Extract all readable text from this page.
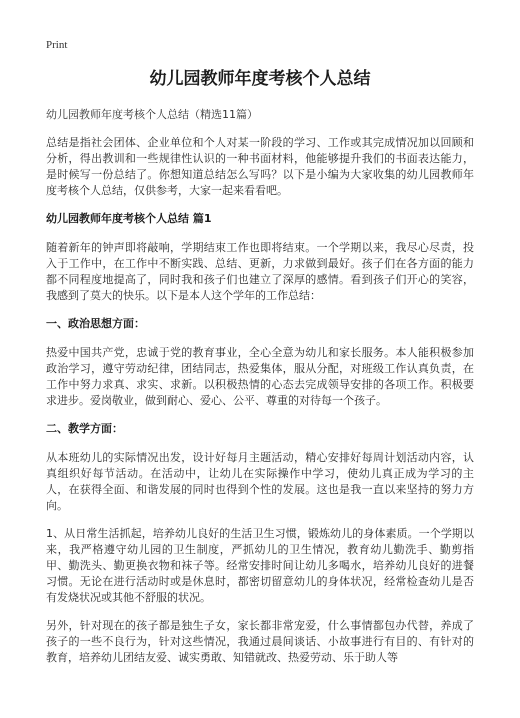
Print
幼儿园教师年度考核个人总结
幼儿园教师年度考核个人总结（精选11篇）

总结是指社会团体、企业单位和个人对某一阶段的学习、工作或其完成情况加以回顾和分析，得出教训和一些规律性认识的一种书面材料，他能够提升我们的书面表达能力，是时候写一份总结了。你想知道总结怎么写吗？以下是小编为大家收集的幼儿园教师年度考核个人总结，仅供参考，大家一起来看看吧。

幼儿园教师年度考核个人总结 篇1

随着新年的钟声即将敲响，学期结束工作也即将结束。一个学期以来，我尽心尽责，投入于工作中，在工作中不断实践、总结、更新，力求做到最好。孩子们在各方面的能力都不同程度地提高了，同时我和孩子们也建立了深厚的感情。看到孩子们开心的笑容，我感到了莫大的快乐。以下是本人这个学年的工作总结：

一、政治思想方面：

热爱中国共产党，忠诚于党的教育事业，全心全意为幼儿和家长服务。本人能积极参加政治学习，遵守劳动纪律，团结同志，热爱集体，服从分配，对班级工作认真负责，在工作中努力求真、求实、求新。以积极热情的心态去完成领导安排的各项工作。积极要求进步。爱岗敬业，做到耐心、爱心、公平、尊重的对待每一个孩子。

二、教学方面：

从本班幼儿的实际情况出发，设计好每月主题活动，精心安排好每周计划活动内容，认真组织好每节活动。在活动中，让幼儿在实际操作中学习，使幼儿真正成为学习的主人，在获得全面、和谐发展的同时也得到个性的发展。这也是我一直以来坚持的努力方向。

1、从日常生活抓起，培养幼儿良好的生活卫生习惯，锻炼幼儿的身体素质。一个学期以来，我严格遵守幼儿园的卫生制度，严抓幼儿的卫生情况，教育幼儿勤洗手、勤剪指甲、勤洗头、勤更换衣物和袜子等。经常安排时间让幼儿多喝水，培养幼儿良好的进餐习惯。无论在进行活动时或是休息时，都密切留意幼儿的身体状况，经常检查幼儿是否有发烧状况或其他不舒服的状况。

另外，针对现在的孩子都是独生子女，家长都非常宠爱，什么事情都包办代替，养成了孩子的一些不良行为，针对这些情况，我通过晨间谈话、小故事进行有目的、有针对的教育，培养幼儿团结友爱、诚实勇敢、知错就改、热爱劳动、乐于助人等
